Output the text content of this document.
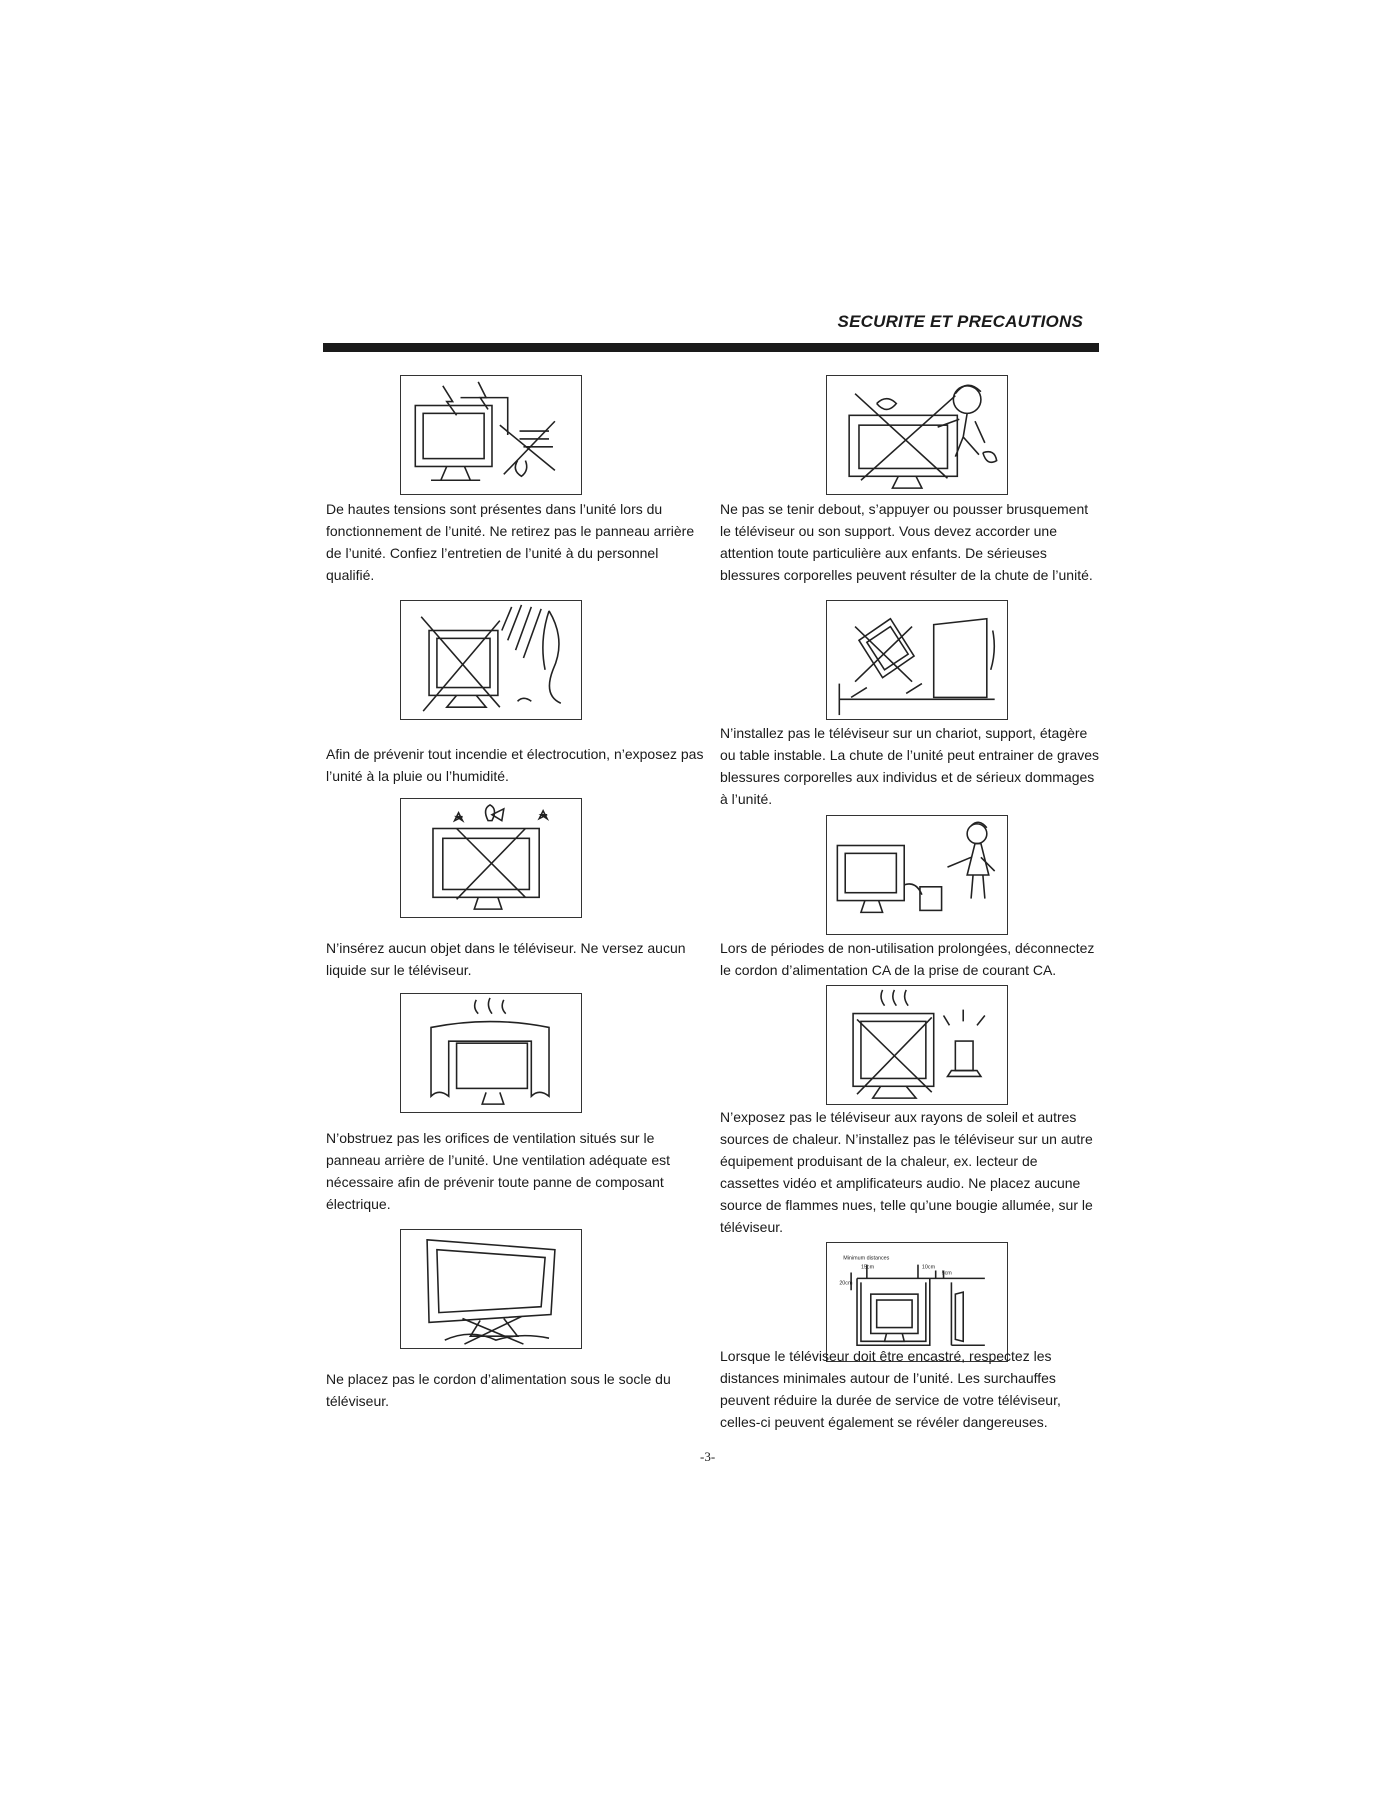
SECURITE ET PRECAUTIONS

De hautes tensions sont présentes dans l’unité lors du fonctionnement de l’unité. Ne retirez pas le panneau arrière de l’unité. Confiez l’entretien de l’unité à du personnel qualifié.

Afin de prévenir tout incendie et électrocution, n’exposez pas l’unité à la pluie ou l’humidité.

N’insérez aucun objet dans le téléviseur. Ne versez aucun liquide sur le téléviseur.

N’obstruez pas les orifices de ventilation situés sur le panneau arrière de l’unité. Une ventilation adéquate est nécessaire afin de prévenir toute panne de composant électrique.

Ne placez pas le cordon d’alimentation sous le socle du téléviseur.

Ne pas se tenir debout, s’appuyer ou pousser brusquement le téléviseur ou son support. Vous devez accorder une attention toute particulière aux enfants. De sérieuses blessures corporelles peuvent résulter de la chute de l’unité.

N’installez pas le téléviseur sur un chariot, support, étagère ou table instable. La chute de l’unité peut entrainer de graves blessures corporelles aux individus et de sérieux dommages à l’unité.

Lors de périodes de non-utilisation prolongées, déconnectez le cordon d’alimentation CA de la prise de courant CA.

N’exposez pas le téléviseur aux rayons de soleil et autres sources de chaleur. N’installez pas le téléviseur sur un autre équipement produisant de la chaleur, ex. lecteur de cassettes vidéo et amplificateurs audio. Ne placez aucune source de flammes nues, telle qu’une bougie allumée, sur le téléviseur.

Minimum distances
15cm	10cm
5cm
20cm

Lorsque le téléviseur doit être encastré, respectez les distances minimales autour de l’unité. Les surchauffes peuvent réduire la durée de service de votre téléviseur, celles-ci peuvent également se révéler dangereuses.

-3-
